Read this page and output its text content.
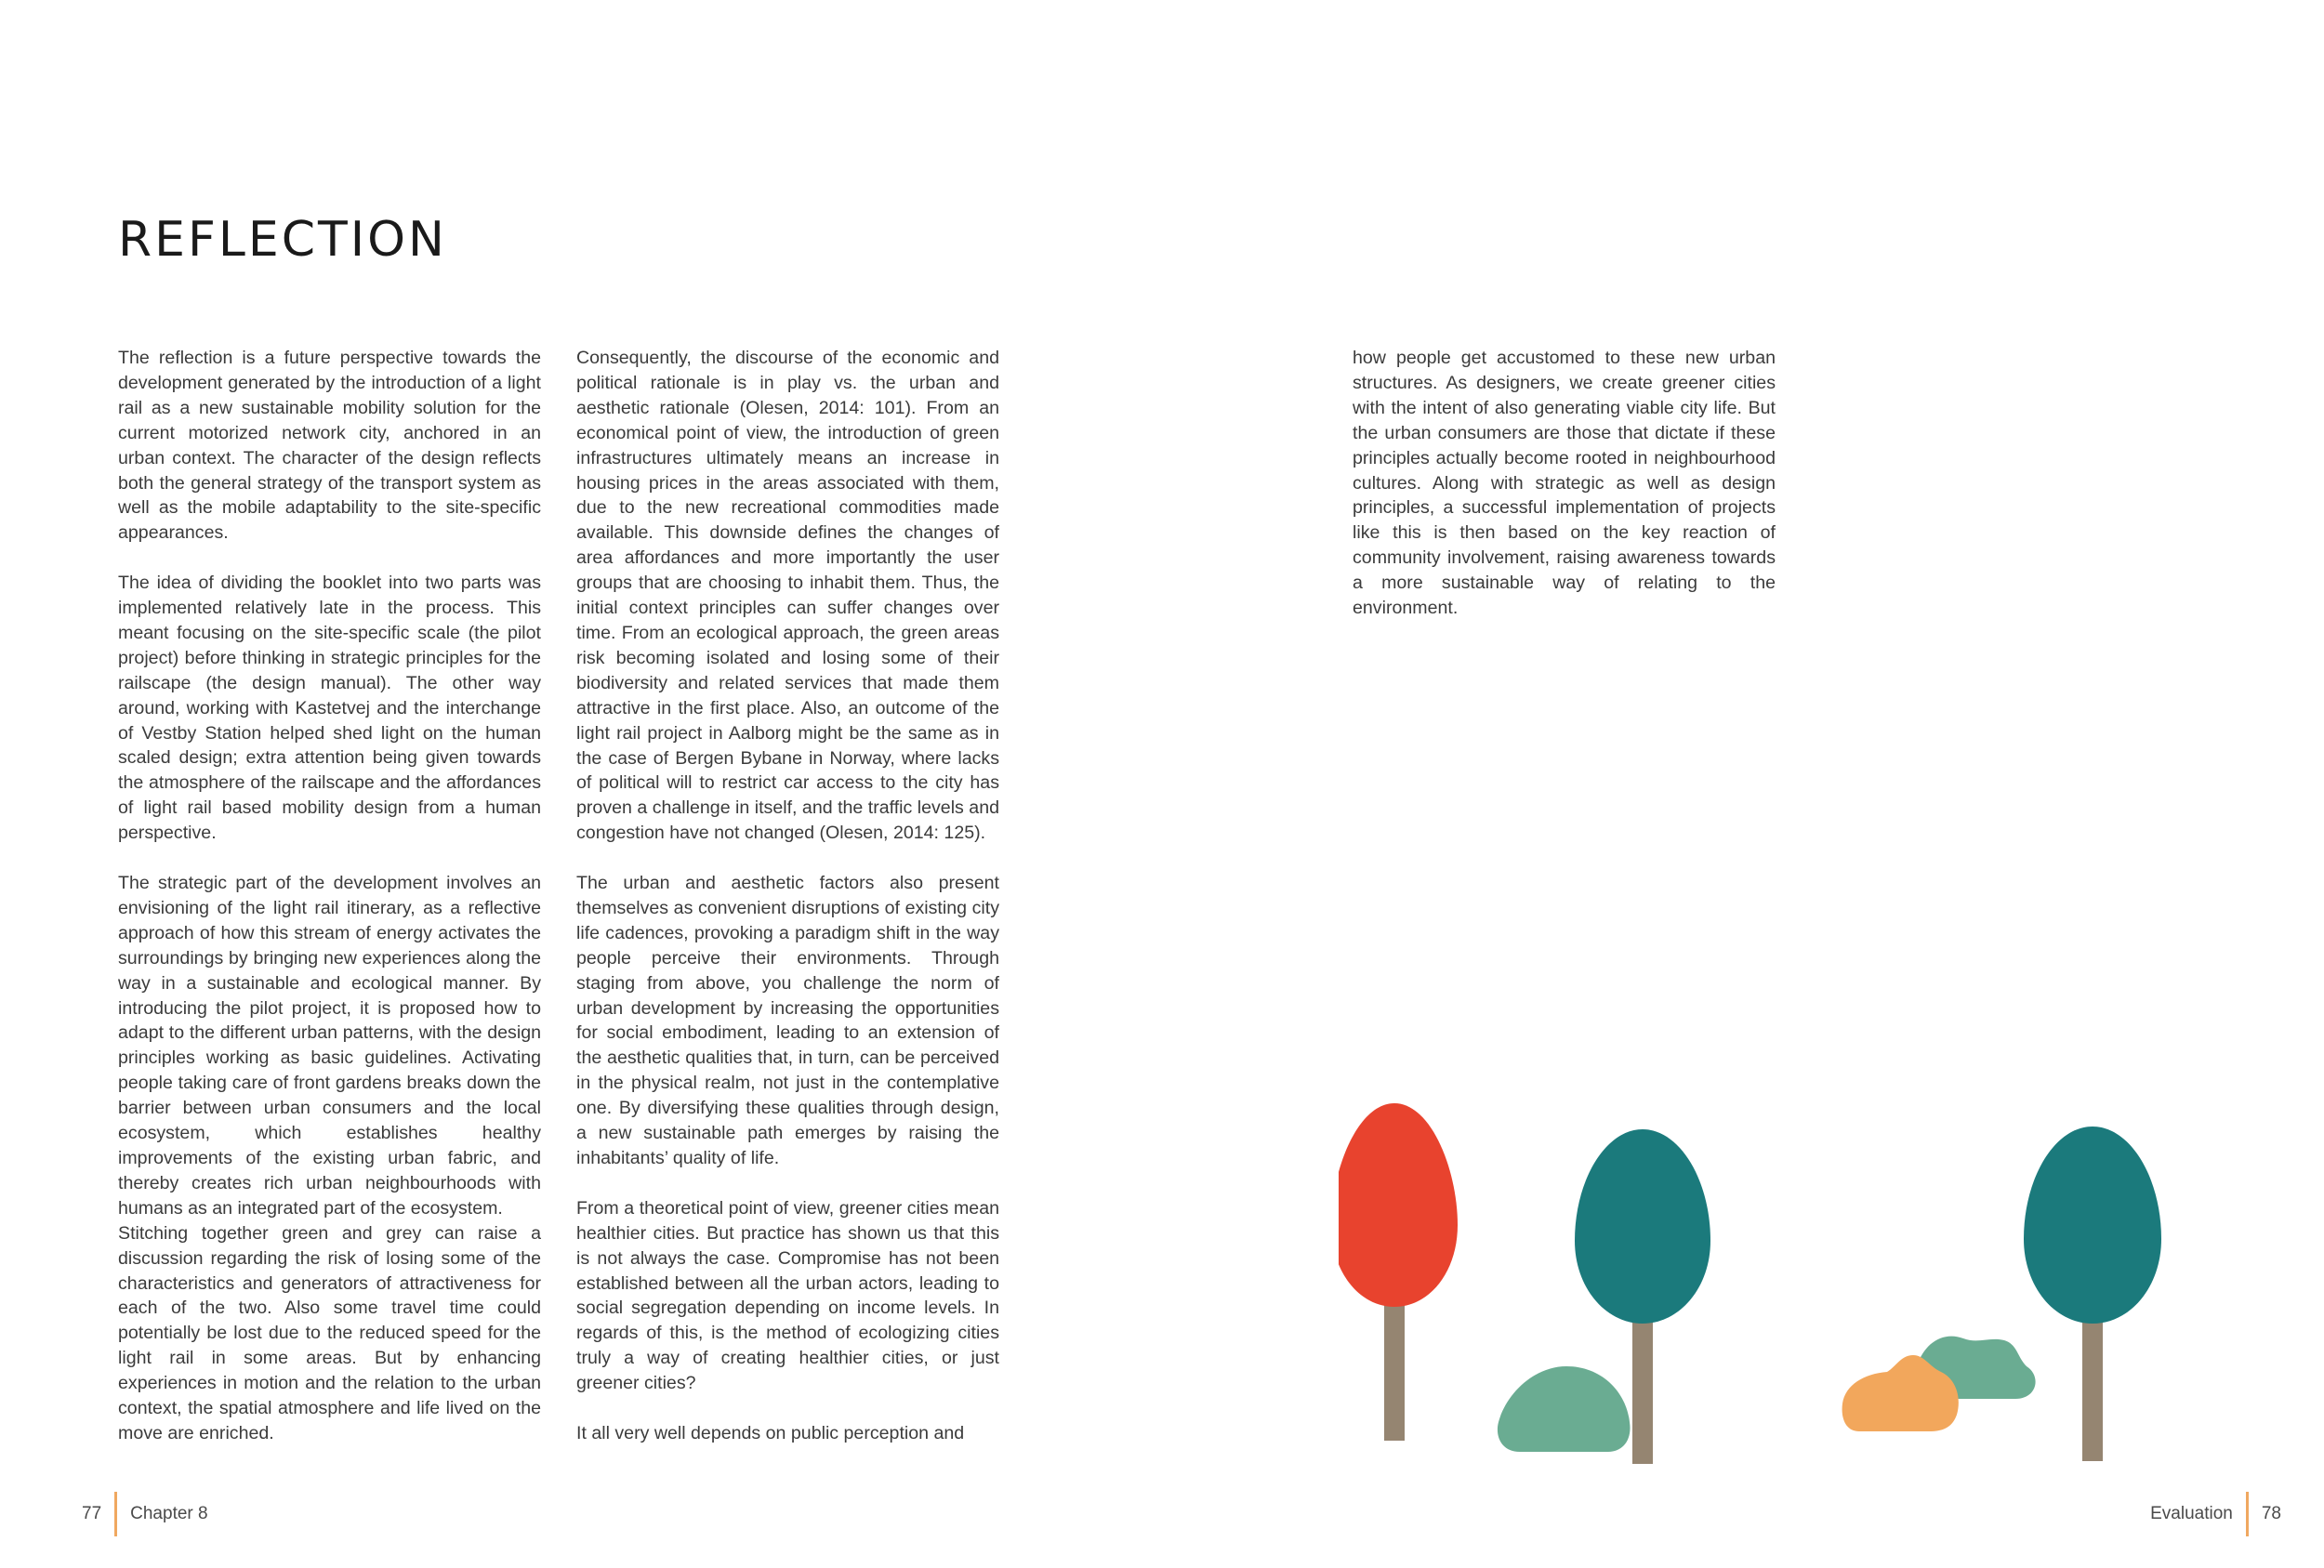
REFLECTION

The reflection is a future perspective towards the development generated by the introduction of a light rail as a new sustainable mobility solution for the current motorized network city, anchored in an urban context. The character of the design reflects both the general strategy of the transport system as well as the mobile adaptability to the site-specific appearances.

The idea of dividing the booklet into two parts was implemented relatively late in the process. This meant focusing on the site-specific scale (the pilot project) before thinking in strategic principles for the railscape (the design manual). The other way around, working with Kastetvej and the interchange of Vestby Station helped shed light on the human scaled design; extra attention being given towards the atmosphere of the railscape and the affordances of light rail based mobility design from a human perspective.

The strategic part of the development involves an envisioning of the light rail itinerary, as a reflective approach of how this stream of energy activates the surroundings by bringing new experiences along the way in a sustainable and ecological manner. By introducing the pilot project, it is proposed how to adapt to the different urban patterns, with the design principles working as basic guidelines. Activating people taking care of front gardens breaks down the barrier between urban consumers and the local ecosystem, which establishes healthy improvements of the existing urban fabric, and thereby creates rich urban neighbourhoods with humans as an integrated part of the ecosystem.

Stitching together green and grey can raise a discussion regarding the risk of losing some of the characteristics and generators of attractiveness for each of the two. Also some travel time could potentially be lost due to the reduced speed for the light rail in some areas. But by enhancing experiences in motion and the relation to the urban context, the spatial atmosphere and life lived on the move are enriched.

Consequently, the discourse of the economic and political rationale is in play vs. the urban and aesthetic rationale (Olesen, 2014: 101). From an economical point of view, the introduction of green infrastructures ultimately means an increase in housing prices in the areas associated with them, due to the new recreational commodities made available. This downside defines the changes of area affordances and more importantly the user groups that are choosing to inhabit them. Thus, the initial context principles can suffer changes over time. From an ecological approach, the green areas risk becoming isolated and losing some of their biodiversity and related services that made them attractive in the first place. Also, an outcome of the light rail project in Aalborg might be the same as in the case of Bergen Bybane in Norway, where lacks of political will to restrict car access to the city has proven a challenge in itself, and the traffic levels and congestion have not changed (Olesen, 2014: 125).

The urban and aesthetic factors also present themselves as convenient disruptions of existing city life cadences, provoking a paradigm shift in the way people perceive their environments. Through staging from above, you challenge the norm of urban development by increasing the opportunities for social embodiment, leading to an extension of the aesthetic qualities that, in turn, can be perceived in the physical realm, not just in the contemplative one. By diversifying these qualities through design, a new sustainable path emerges by raising the inhabitants’ quality of life.

From a theoretical point of view, greener cities mean healthier cities. But practice has shown us that this is not always the case. Compromise has not been established between all the urban actors, leading to social segregation depending on income levels. In regards of this, is the method of ecologizing cities truly a way of creating healthier cities, or just greener cities?

It all very well depends on public perception and

how people get accustomed to these new urban structures. As designers, we create greener cities with the intent of also generating viable city life. But the urban consumers are those that dictate if these principles actually become rooted in neighbourhood cultures. Along with strategic as well as design principles, a successful implementation of projects like this is then based on the key reaction of community involvement, raising awareness towards a more sustainable way of relating to the environment.

77 Chapter 8	Evaluation 78
